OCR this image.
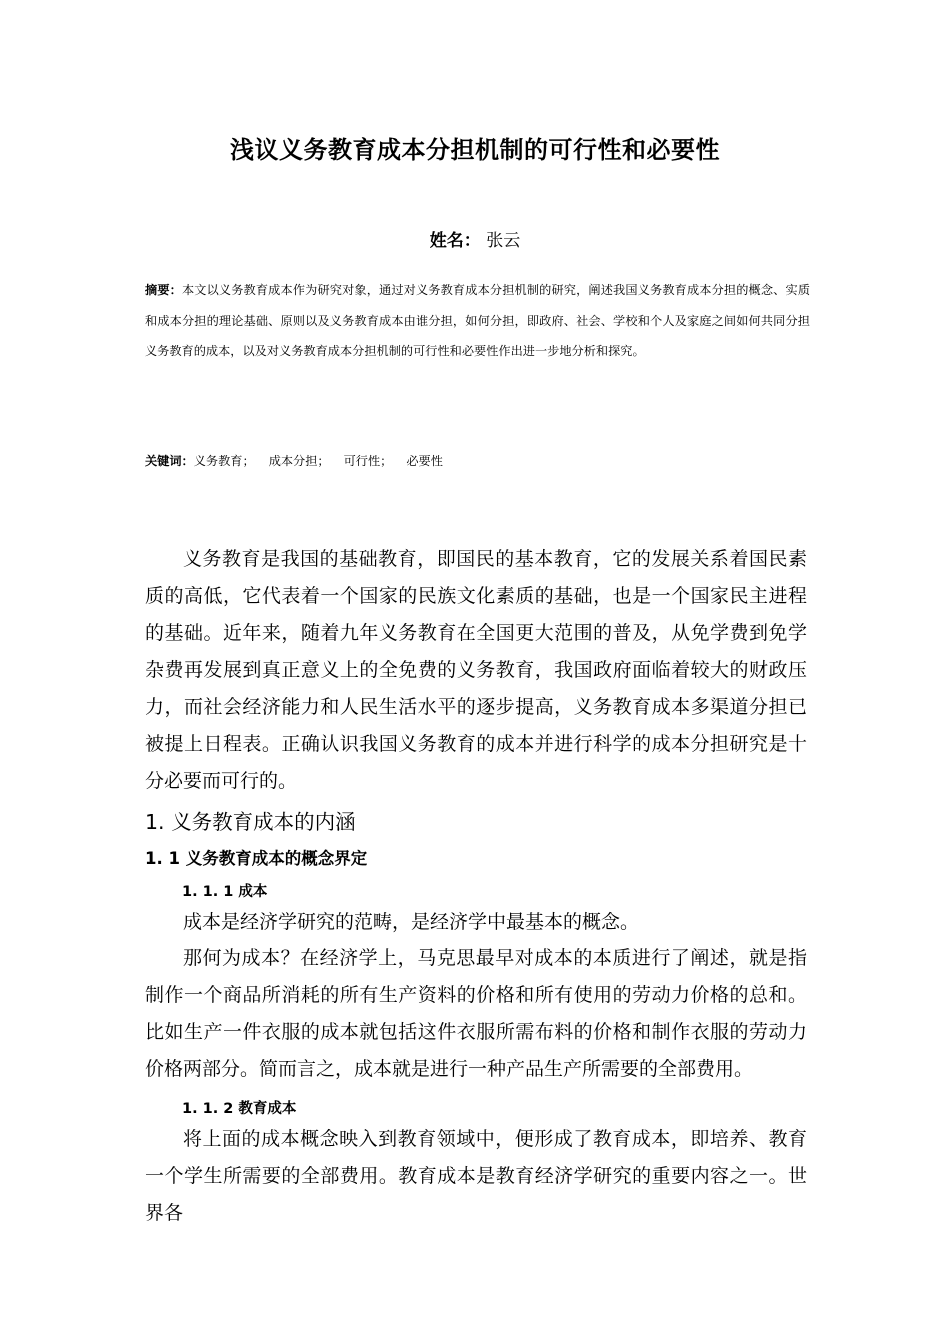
浅议义务教育成本分担机制的可行性和必要性
姓名： 张云
摘要：本文以义务教育成本作为研究对象，通过对义务教育成本分担机制的研究，阐述我国义务教育成本分担的概念、实质和成本分担的理论基础、原则以及义务教育成本由谁分担，如何分担，即政府、社会、学校和个人及家庭之间如何共同分担义务教育的成本，以及对义务教育成本分担机制的可行性和必要性作出进一步地分析和探究。
关键词：义务教育； 成本分担； 可行性； 必要性
义务教育是我国的基础教育，即国民的基本教育，它的发展关系着国民素质的高低，它代表着一个国家的民族文化素质的基础，也是一个国家民主进程的基础。近年来，随着九年义务教育在全国更大范围的普及，从免学费到免学杂费再发展到真正意义上的全免费的义务教育，我国政府面临着较大的财政压力，而社会经济能力和人民生活水平的逐步提高，义务教育成本多渠道分担已被提上日程表。正确认识我国义务教育的成本并进行科学的成本分担研究是十分必要而可行的。
1. 义务教育成本的内涵
1. 1 义务教育成本的概念界定
1. 1. 1 成本
成本是经济学研究的范畴，是经济学中最基本的概念。
那何为成本？在经济学上，马克思最早对成本的本质进行了阐述，就是指制作一个商品所消耗的所有生产资料的价格和所有使用的劳动力价格的总和。比如生产一件衣服的成本就包括这件衣服所需布料的价格和制作衣服的劳动力价格两部分。简而言之，成本就是进行一种产品生产所需要的全部费用。
1. 1. 2 教育成本
将上面的成本概念映入到教育领域中，便形成了教育成本，即培养、教育一个学生所需要的全部费用。教育成本是教育经济学研究的重要内容之一。世界各
